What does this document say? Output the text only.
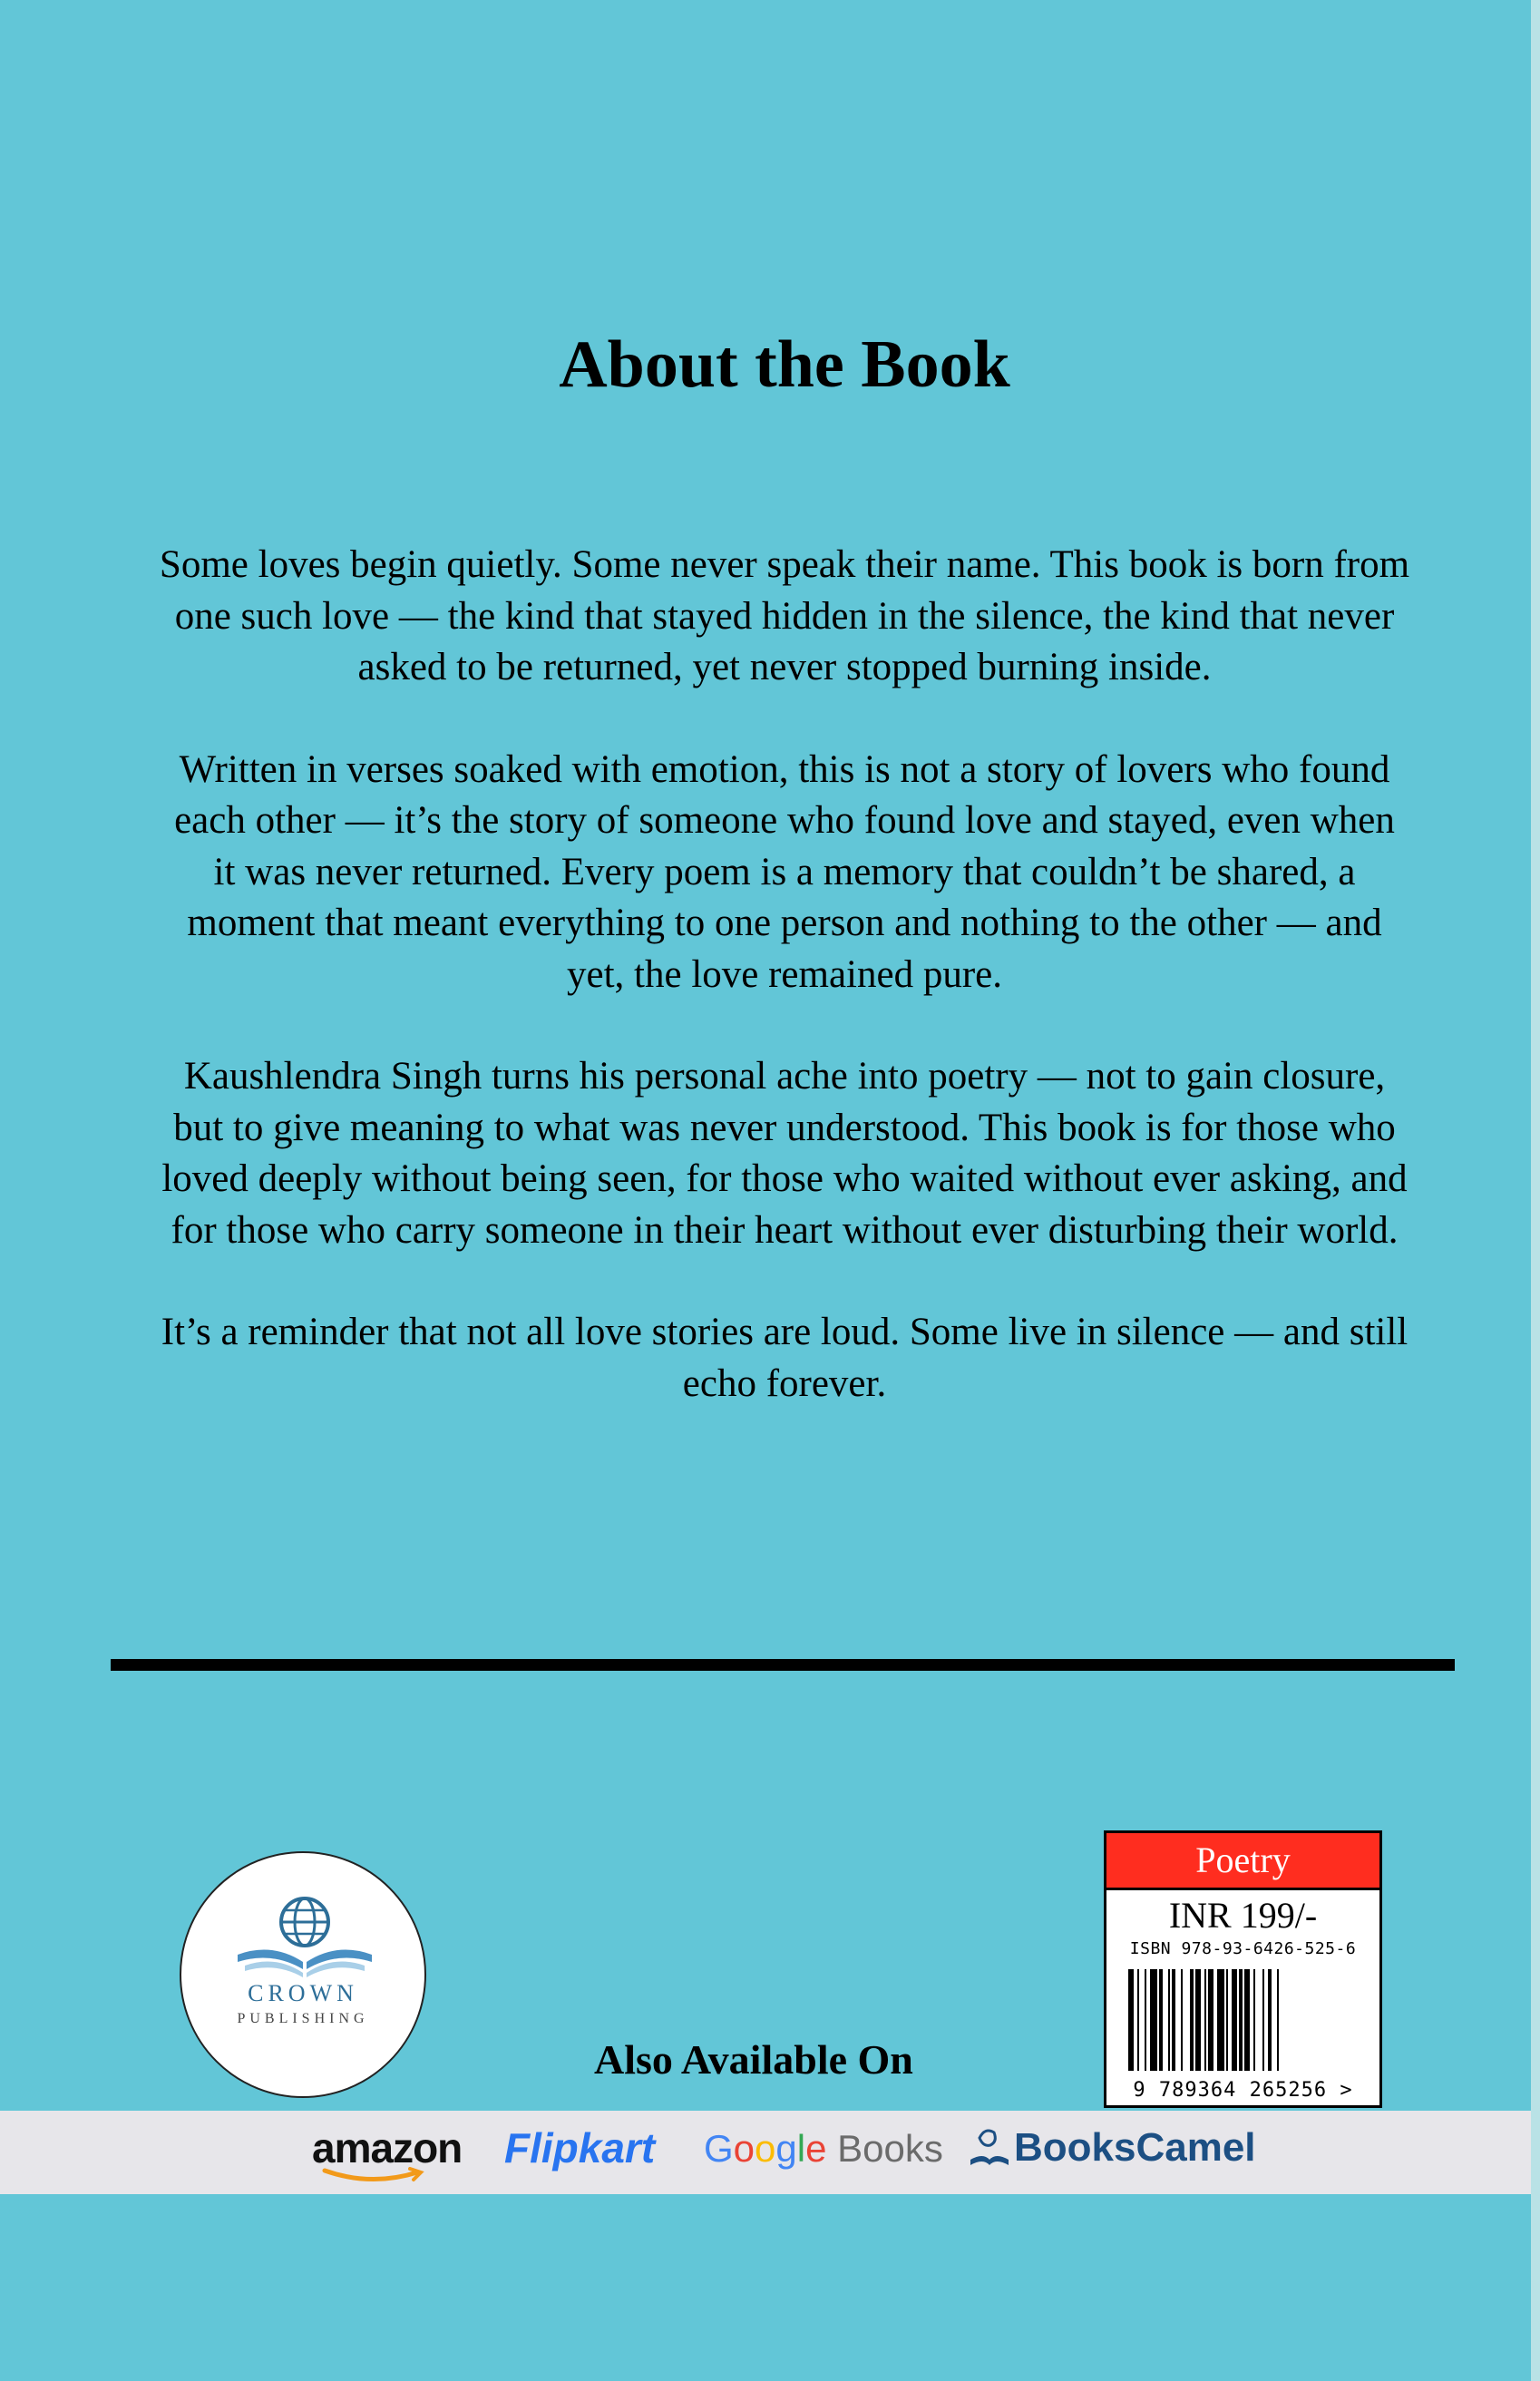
About the Book

Some loves begin quietly. Some never speak their name. This book is born from one such love — the kind that stayed hidden in the silence, the kind that never asked to be returned, yet never stopped burning inside.

Written in verses soaked with emotion, this is not a story of lovers who found each other — it’s the story of someone who found love and stayed, even when it was never returned. Every poem is a memory that couldn’t be shared, a moment that meant everything to one person and nothing to the other — and yet, the love remained pure.

Kaushlendra Singh turns his personal ache into poetry — not to gain closure, but to give meaning to what was never understood. This book is for those who loved deeply without being seen, for those who waited without ever asking, and for those who carry someone in their heart without ever disturbing their world.

It’s a reminder that not all love stories are loud. Some live in silence — and still echo forever.

CROWN
PUBLISHING
Also Available On
Poetry
INR 199/-
ISBN 978-93-6426-525-6
9 789364 265256 >
amazon Flipkart Google Books BooksCamel
